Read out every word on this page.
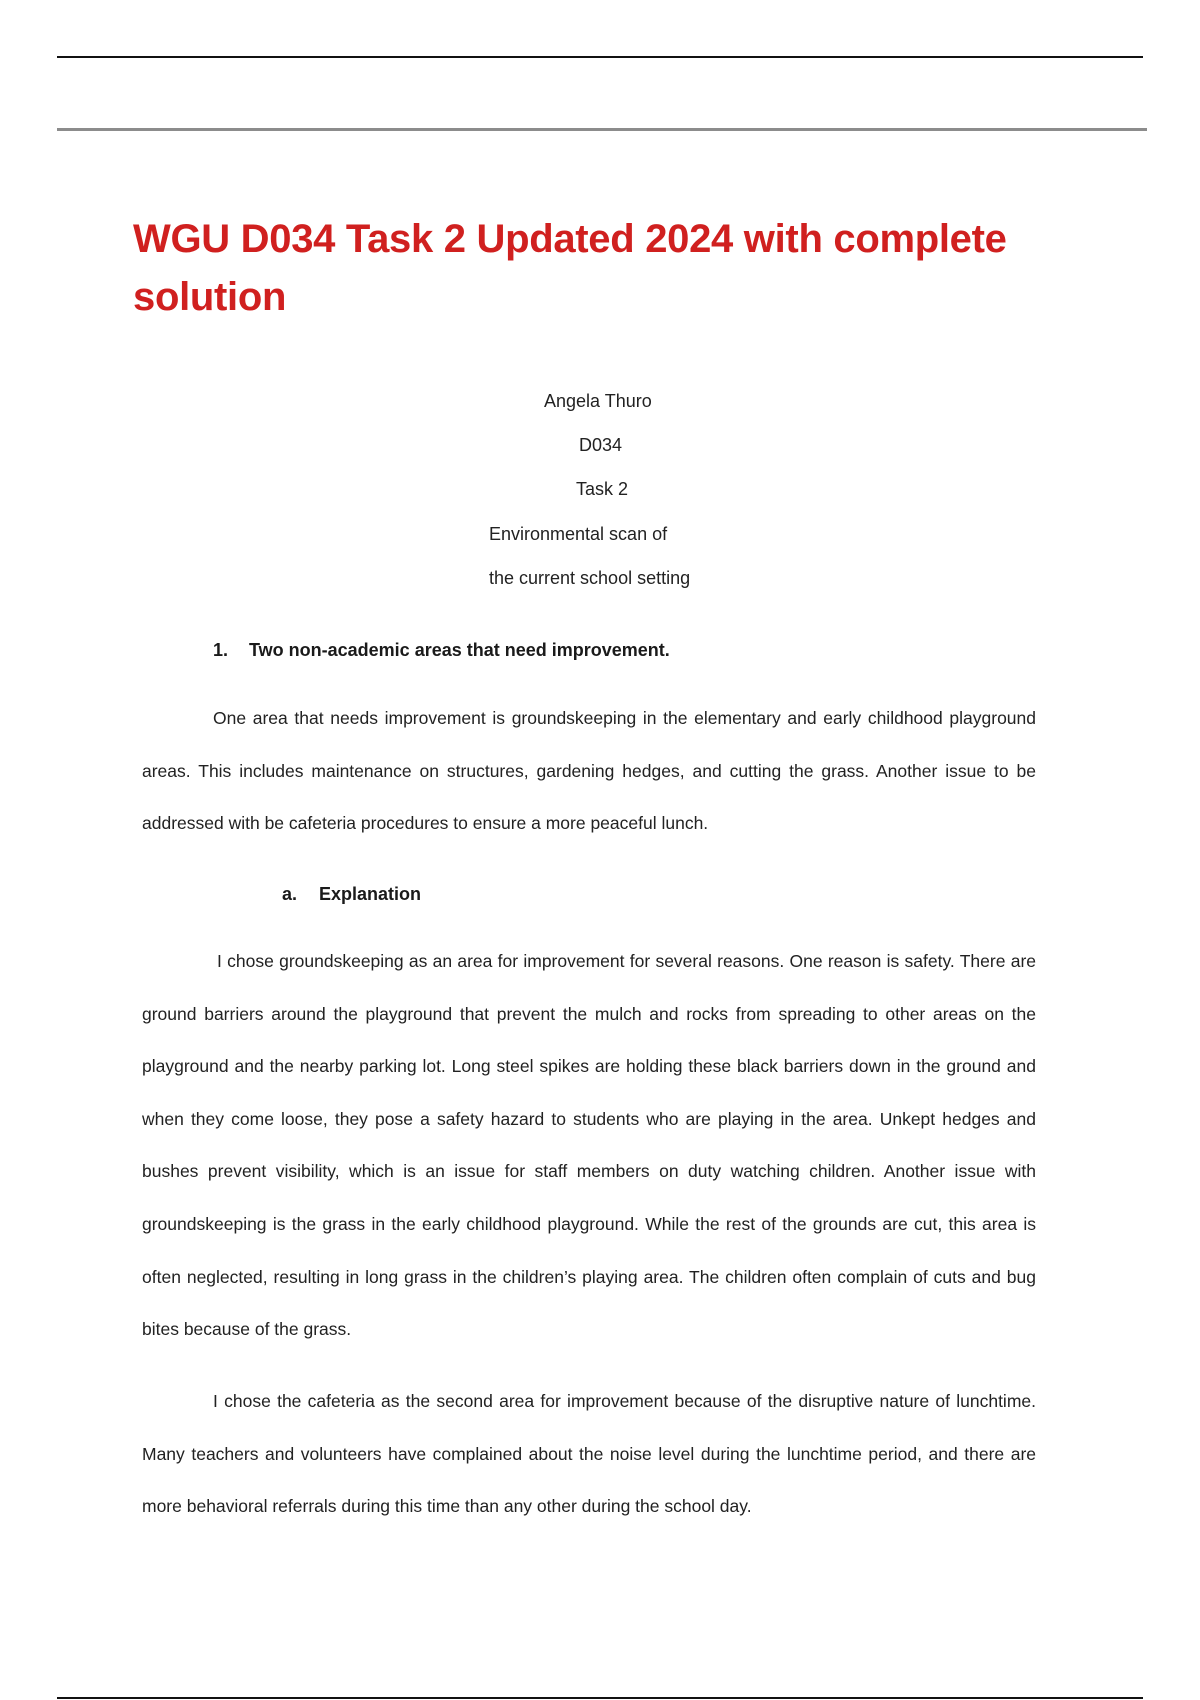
WGU D034 Task 2 Updated 2024 with complete solution
Angela Thuro
D034
Task 2
Environmental scan of
the current school setting
1. Two non-academic areas that need improvement.

One area that needs improvement is groundskeeping in the elementary and early childhood playground areas. This includes maintenance on structures, gardening hedges, and cutting the grass. Another issue to be addressed with be cafeteria procedures to ensure a more peaceful lunch.

a. Explanation

I chose groundskeeping as an area for improvement for several reasons. One reason is safety. There are ground barriers around the playground that prevent the mulch and rocks from spreading to other areas on the playground and the nearby parking lot. Long steel spikes are holding these black barriers down in the ground and when they come loose, they pose a safety hazard to students who are playing in the area. Unkept hedges and bushes prevent visibility, which is an issue for staff members on duty watching children. Another issue with groundskeeping is the grass in the early childhood playground. While the rest of the grounds are cut, this area is often neglected, resulting in long grass in the children’s playing area. The children often complain of cuts and bug bites because of the grass.

I chose the cafeteria as the second area for improvement because of the disruptive nature of lunchtime. Many teachers and volunteers have complained about the noise level during the lunchtime period, and there are more behavioral referrals during this time than any other during the school day.
